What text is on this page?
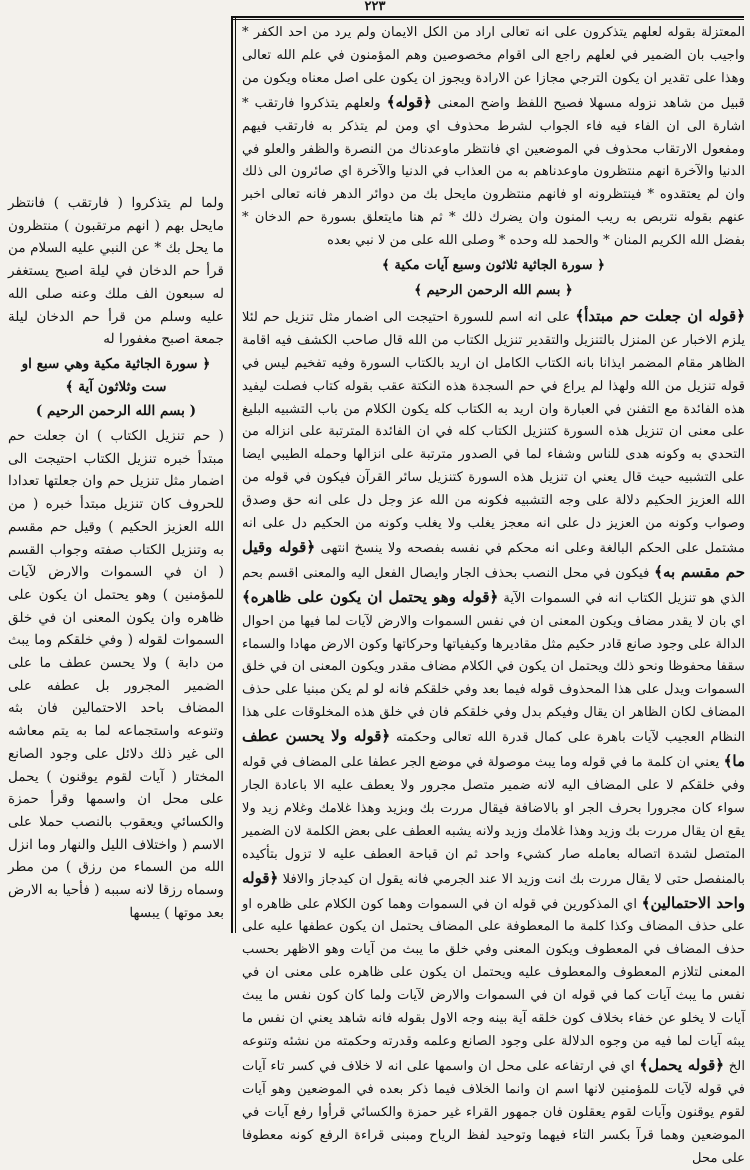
٢٢٣

المعتزلة بقوله لعلهم يتذكرون على انه تعالى اراد من الكل الايمان ولم يرد من احد الكفر * واجيب بان الضمير في لعلهم راجع الى اقوام مخصوصين وهم المؤمنون في علم الله تعالى وهذا على تقدير ان يكون الترجي مجازا عن الارادة ويجوز ان يكون على اصل معناه ويكون من قبيل من شاهد نزوله مسهلا فصيح اللفظ واضح المعنى ﴿قوله﴾ ولعلهم يتذكروا فارتقب * اشارة الى ان الفاء فيه فاء الجواب لشرط محذوف اي ومن لم يتذكر به فارتقب فيهم ومفعول الارتقاب محذوف في الموضعين اي فانتظر ماوعدناك من النصرة والظفر والعلو في الدنيا والآخرة انهم منتظرون ماوعدناهم به من العذاب في الدنيا والآخرة اي صائرون الى ذلك وان لم يعتقدوه * فينتظرونه او فانهم منتظرون مايحل بك من دوائر الدهر فانه تعالى اخبر عنهم بقوله نتربص به ريب المنون وان يضرك ذلك * ثم هنا مايتعلق بسورة حم الدخان * بفضل الله الكريم المنان * والحمد لله وحده * وصلى الله على من لا نبي بعده

﴿ سورة الجاثية ثلاثون وسبع آيات مكية ﴾
﴿ بسم الله الرحمن الرحيم ﴾

﴿قوله ان جعلت حم مبتدأ﴾ على انه اسم للسورة احتيجت الى اضمار مثل تنزيل حم لئلا يلزم الاخبار عن المنزل بالتنزيل والتقدير تنزيل الكتاب من الله قال صاحب الكشف فيه اقامة الظاهر مقام المضمر ايذانا بانه الكتاب الكامل ان اريد بالكتاب السورة وفيه تفخيم ليس في قوله تنزيل من الله ولهذا لم يراع في حم السجدة هذه النكتة عقب بقوله كتاب فصلت ليفيد هذه الفائدة مع التفنن في العبارة وان اريد به الكتاب كله يكون الكلام من باب التشبيه البليغ على معنى ان تنزيل هذه السورة كتنزيل الكتاب كله في ان الفائدة المترتبة على انزاله من التحدي به وكونه هدى للناس وشفاء لما في الصدور مترتبة على انزالها وحمله الطيبي ايضا على التشبيه حيث قال يعني ان تنزيل هذه السورة كتنزيل سائر القرآن فيكون في قوله من الله العزيز الحكيم دلالة على وجه التشبيه فكونه من الله عز وجل دل على انه حق وصدق وصواب وكونه من العزيز دل على انه معجز يغلب ولا يغلب وكونه من الحكيم دل على انه مشتمل على الحكم البالغة وعلى انه محكم في نفسه بفصحه ولا ينسخ انتهى ﴿قوله وقيل حم مقسم به﴾ فيكون في محل النصب بحذف الجار وايصال الفعل اليه والمعنى اقسم بحم الذي هو تنزيل الكتاب انه في السموات الآية ﴿قوله وهو يحتمل ان يكون على ظاهره﴾ اي بان لا يقدر مضاف ويكون المعنى ان في نفس السموات والارض لآيات لما فيها من احوال الدالة على وجود صانع قادر حكيم مثل مقاديرها وكيفياتها وحركاتها وكون الارض مهادا والسماء سقفا محفوظا ونحو ذلك ويحتمل ان يكون في الكلام مضاف مقدر ويكون المعنى ان في خلق السموات ويدل على هذا المحذوف قوله فيما بعد وفي خلقكم فانه لو لم يكن مبنيا على حذف المضاف لكان الظاهر ان يقال وفيكم بدل وفي خلقكم فان في خلق هذه المخلوقات على هذا النظام العجيب لآيات باهرة على كمال قدرة الله تعالى وحكمته ﴿قوله ولا يحسن عطف ما﴾ يعني ان كلمة ما في قوله وما يبث موصولة في موضع الجر عطفا على المضاف في قوله وفي خلقكم لا على المضاف اليه لانه ضمير متصل مجرور ولا يعطف عليه الا باعادة الجار سواء كان مجرورا بحرف الجر او بالاضافة فيقال مررت بك وبزيد وهذا غلامك وغلام زيد ولا يقع ان يقال مررت بك وزيد وهذا غلامك وزيد ولانه يشبه العطف على بعض الكلمة لان الضمير المتصل لشدة اتصاله بعامله صار كشيء واحد ثم ان قباحة العطف عليه لا تزول بتأكيده بالمنفصل حتى لا يقال مررت بك انت وزيد الا عند الجرمي فانه يقول ان كيدجاز والافلا ﴿قوله واحد الاحتمالين﴾ اي المذكورين في قوله ان في السموات وهما كون الكلام على ظاهره او على حذف المضاف وكذا كلمة ما المعطوفة على المضاف يحتمل ان يكون عطفها عليه على حذف المضاف في المعطوف ويكون المعنى وفي خلق ما يبث من آيات وهو الاظهر بحسب المعنى لتلازم المعطوف والمعطوف عليه ويحتمل ان يكون على ظاهره على معنى ان في نفس ما يبث آيات كما في قوله ان في السموات والارض لآيات ولما كان كون نفس ما يبث آيات لا يخلو عن خفاء بخلاف كون خلقه آية بينه وجه الاول بقوله فانه شاهد يعني ان نفس ما يبثه آيات لما فيه من وجوه الدلالة على وجود الصانع وعلمه وقدرته وحكمته من نشئه وتنوعه الخ ﴿قوله يحمل﴾ اي في ارتفاعه على محل ان واسمها على انه لا خلاف في كسر تاء آيات في قوله لآيات للمؤمنين لانها اسم ان وانما الخلاف فيما ذكر بعده في الموضعين وهو آيات لقوم يوقنون وآيات لقوم يعقلون فان جمهور القراء غير حمزة والكسائي قرأوا رفع آيات في الموضعين وهما قرآ بكسر التاء فيهما وتوحيد لفظ الرياح ومبنى قراءة الرفع كونه معطوفا على محل

ولما لم يتذكروا ( فارتقب ) فانتظر مايحل بهم ( انهم مرتقبون ) منتظرون ما يحل بك * عن النبي عليه السلام من قرأ حم الدخان في ليلة اصبح يستغفر له سبعون الف ملك وعنه صلى الله عليه وسلم من قرأ حم الدخان ليلة جمعة اصبح مغفورا له

﴿ سورة الجاثية مكية وهي سبع او ست وثلاثون آية ﴾
( بسم الله الرحمن الرحيم )

( حم تنزيل الكتاب ) ان جعلت حم مبتدأ خبره تنزيل الكتاب احتيجت الى اضمار مثل تنزيل حم وان جعلتها تعدادا للحروف كان تنزيل مبتدأ خبره ( من الله العزيز الحكيم ) وقيل حم مقسم به وتنزيل الكتاب صفته وجواب القسم ( ان في السموات والارض لآيات للمؤمنين ) وهو يحتمل ان يكون على ظاهره وان يكون المعنى ان في خلق السموات لقوله ( وفي خلقكم وما يبث من دابة ) ولا يحسن عطف ما على الضمير المجرور بل عطفه على المضاف باحد الاحتمالين فان بثه وتنوعه واستجماعه لما به يتم معاشه الى غير ذلك دلائل على وجود الصانع المختار ( آيات لقوم يوقنون ) يحمل على محل ان واسمها وقرأ حمزة والكسائي ويعقوب بالنصب حملا على الاسم ( واختلاف الليل والنهار وما انزل الله من السماء من رزق ) من مطر وسماه رزقا لانه سببه ( فأحيا به الارض بعد موتها ) يبسها
